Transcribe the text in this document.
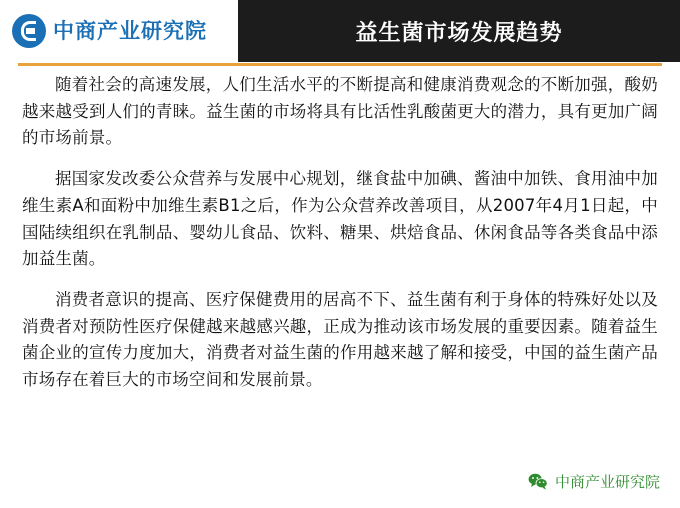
中商产业研究院	益生菌市场发展趋势

随着社会的高速发展，人们生活水平的不断提高和健康消费观念的不断加强，酸奶越来越受到人们的青睐。益生菌的市场将具有比活性乳酸菌更大的潜力，具有更加广阔的市场前景。

据国家发改委公众营养与发展中心规划，继食盐中加碘、酱油中加铁、食用油中加维生素A和面粉中加维生素B1之后，作为公众营养改善项目，从2007年4月1日起，中国陆续组织在乳制品、婴幼儿食品、饮料、糖果、烘焙食品、休闲食品等各类食品中添加益生菌。

消费者意识的提高、医疗保健费用的居高不下、益生菌有利于身体的特殊好处以及消费者对预防性医疗保健越来越感兴趣，正成为推动该市场发展的重要因素。随着益生菌企业的宣传力度加大，消费者对益生菌的作用越来越了解和接受，中国的益生菌产品市场存在着巨大的市场空间和发展前景。

中商产业研究院
